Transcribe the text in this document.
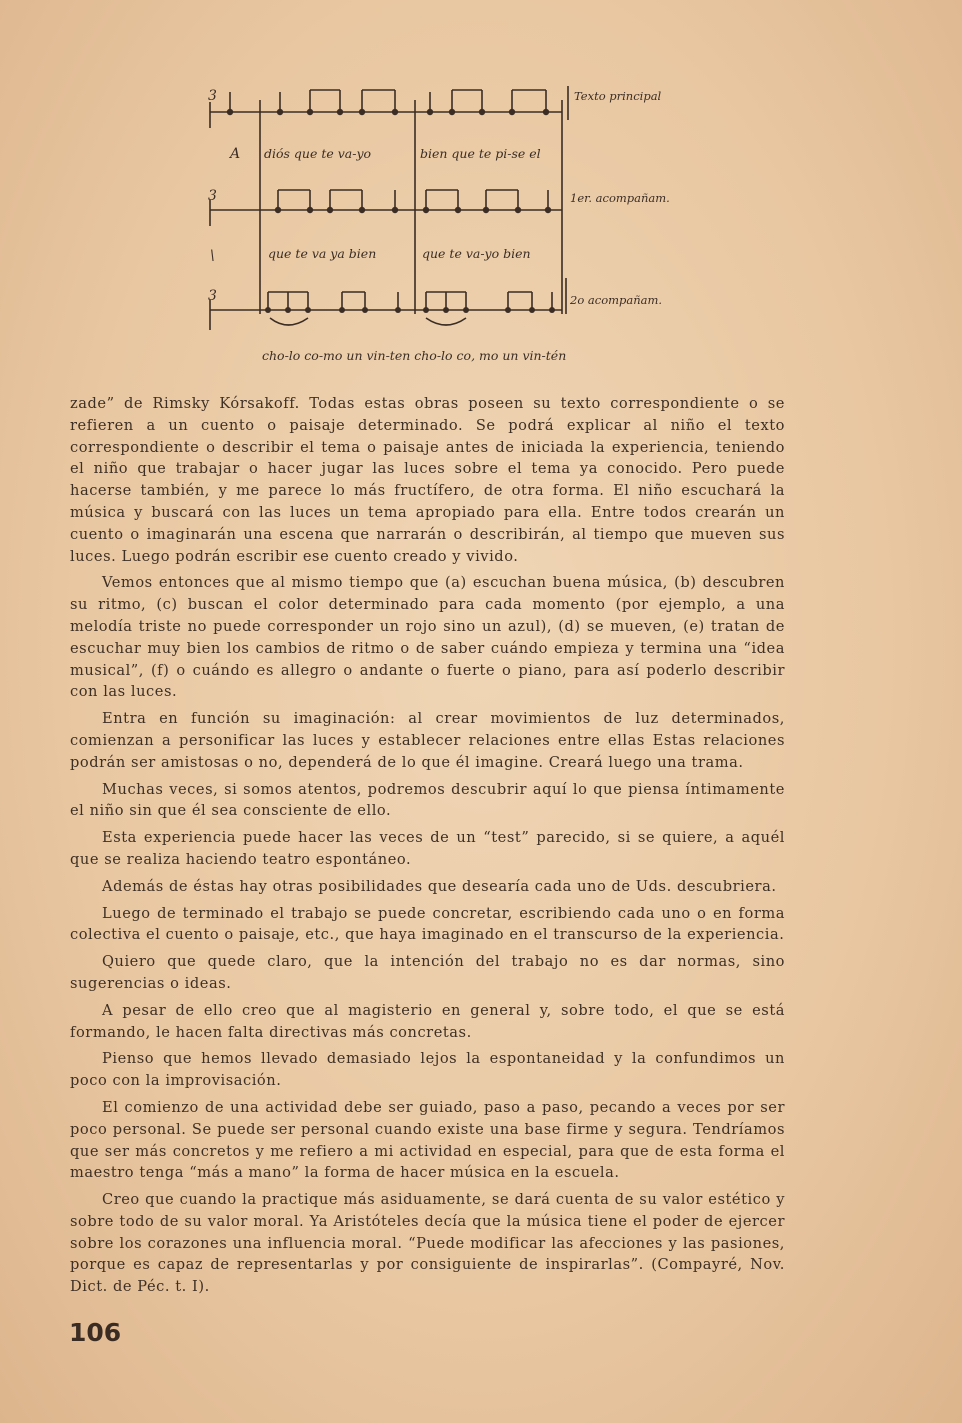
3
3
3
A
\
diós que te va-yo	bien que te pi-se el
que te va ya bien	que te va-yo bien
cho-lo co-mo un vin-ten cho-lo co, mo un vin-tén
Texto principal
1er. acompañam.
2o acompañam.

zade” de Rimsky Kórsakoff. Todas estas obras poseen su texto correspondiente o se refieren a un cuento o paisaje determinado. Se podrá explicar al niño el texto correspondiente o describir el tema o paisaje antes de iniciada la experiencia, teniendo el niño que trabajar o hacer jugar las luces sobre el tema ya conocido. Pero puede hacerse también, y me parece lo más fructífero, de otra forma. El niño escuchará la música y buscará con las luces un tema apropiado para ella. Entre todos crearán un cuento o imaginarán una escena que narrarán o describirán, al tiempo que mueven sus luces. Luego podrán escribir ese cuento creado y vivido.

Vemos entonces que al mismo tiempo que (a) escuchan buena música, (b) descubren su ritmo, (c) buscan el color determinado para cada momento (por ejemplo, a una melodía triste no puede corresponder un rojo sino un azul), (d) se mueven, (e) tratan de escuchar muy bien los cambios de ritmo o de saber cuándo empieza y termina una “idea musical”, (f) o cuándo es allegro o andante o fuerte o piano, para así poderlo describir con las luces.

Entra en función su imaginación: al crear movimientos de luz determinados, comienzan a personificar las luces y establecer relaciones entre ellas Estas relaciones podrán ser amistosas o no, dependerá de lo que él imagine. Creará luego una trama.

Muchas veces, si somos atentos, podremos descubrir aquí lo que piensa íntimamente el niño sin que él sea consciente de ello.

Esta experiencia puede hacer las veces de un “test” parecido, si se quiere, a aquél que se realiza haciendo teatro espontáneo.

Además de éstas hay otras posibilidades que desearía cada uno de Uds. descubriera.

Luego de terminado el trabajo se puede concretar, escribiendo cada uno o en forma colectiva el cuento o paisaje, etc., que haya imaginado en el transcurso de la experiencia.

Quiero que quede claro, que la intención del trabajo no es dar normas, sino sugerencias o ideas.

A pesar de ello creo que al magisterio en general y, sobre todo, el que se está formando, le hacen falta directivas más concretas.

Pienso que hemos llevado demasiado lejos la espontaneidad y la confundimos un poco con la improvisación.

El comienzo de una actividad debe ser guiado, paso a paso, pecando a veces por ser poco personal. Se puede ser personal cuando existe una base firme y segura. Tendríamos que ser más concretos y me refiero a mi actividad en especial, para que de esta forma el maestro tenga “más a mano” la forma de hacer música en la escuela.

Creo que cuando la practique más asiduamente, se dará cuenta de su valor estético y sobre todo de su valor moral. Ya Aristóteles decía que la música tiene el poder de ejercer sobre los corazones una influencia moral. “Puede modificar las afecciones y las pasiones, porque es capaz de representarlas y por consiguiente de inspirarlas”. (Compayré, Nov. Dict. de Péc. t. I).

106
